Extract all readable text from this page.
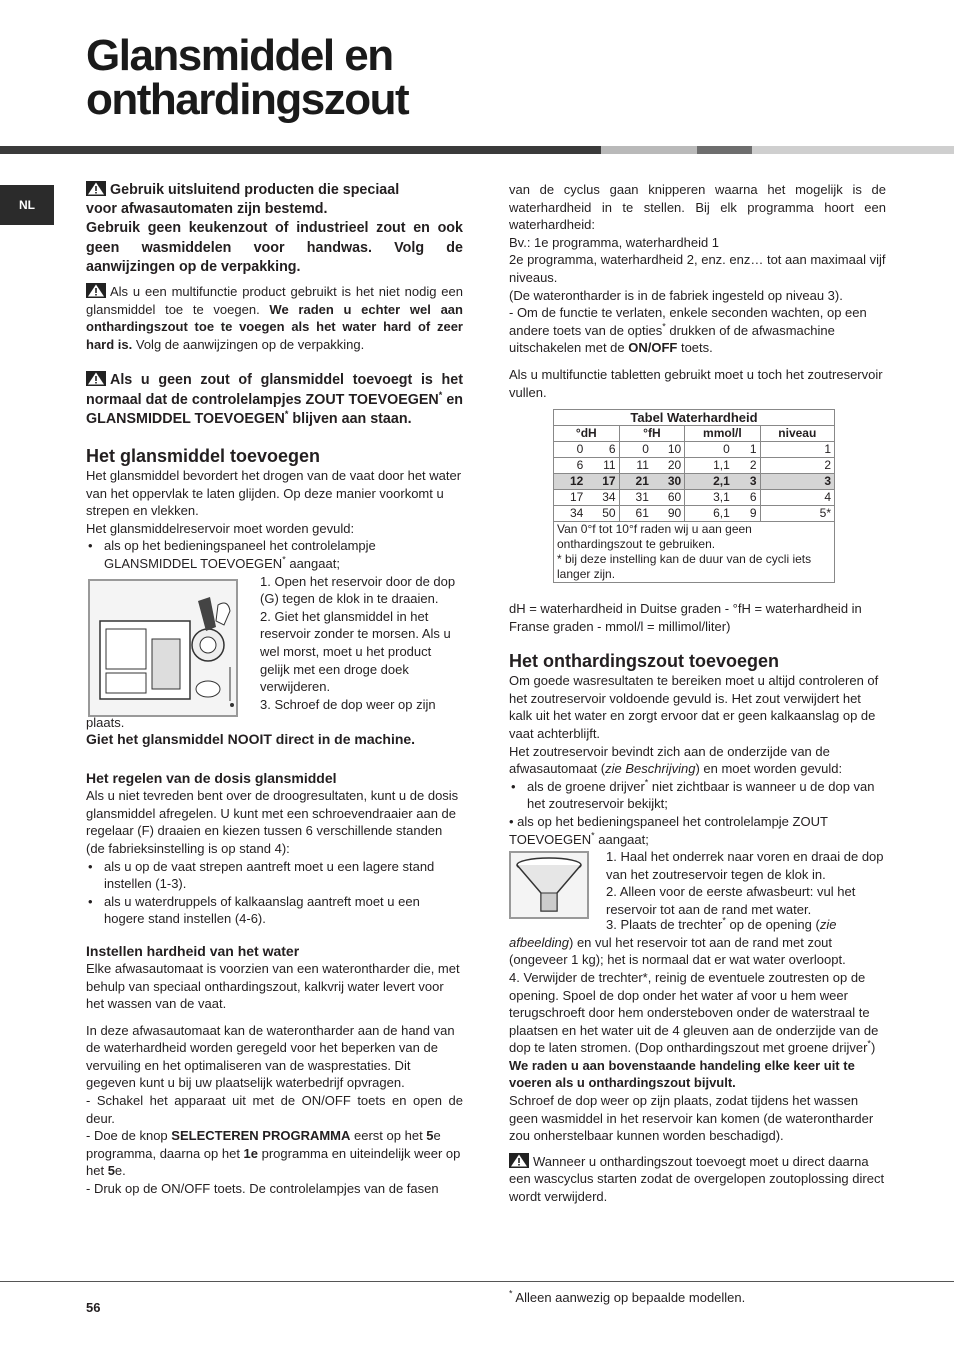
Glansmiddel en
onthardingszout
NL

Gebruik uitsluitend producten die speciaal
voor afwasautomaten zijn bestemd.
Gebruik geen keukenzout of industrieel zout en ook geen wasmiddelen voor handwas. Volg de aanwijzingen op de verpakking.

Als u een multifunctie product gebruikt is het niet nodig een glansmiddel toe te voegen. We raden u echter wel aan onthardingszout toe te voegen als het water hard of zeer hard is. Volg de aanwijzingen op de verpakking.

Als u geen zout of glansmiddel toevoegt is het normaal dat de controlelampjes ZOUT TOEVOEGEN* en GLANSMIDDEL TOEVOEGEN* blijven aan staan.

Het glansmiddel toevoegen

Het glansmiddel bevordert het drogen van de vaat door het water van het oppervlak te laten glijden. Op deze manier voorkomt u strepen en vlekken.

Het glansmiddelreservoir moet worden gevuld:

• als op het bedieningspaneel het controlelampje GLANSMIDDEL TOEVOEGEN* aangaat;

1. Open het reservoir door de dop (G) tegen de klok in te draaien.

2. Giet het glansmiddel in het reservoir zonder te morsen. Als u wel morst, moet u het product gelijk met een droge doek verwijderen.

3. Schroef de dop weer op zijn

plaats.

Giet het glansmiddel NOOIT direct in de machine.

Het regelen van de dosis glansmiddel

Als u niet tevreden bent over de droogresultaten, kunt u de dosis glansmiddel afregelen. U kunt met een schroevendraaier aan de regelaar (F) draaien en kiezen tussen 6 verschillende standen (de fabrieksinstelling is op stand 4):

• als u op de vaat strepen aantreft moet u een lagere stand instellen (1-3).
• als u waterdruppels of kalkaanslag aantreft moet u een hogere stand instellen (4-6).

Instellen hardheid van het water

Elke afwasautomaat is voorzien van een waterontharder die, met behulp van speciaal onthardingszout, kalkvrij water levert voor het wassen van de vaat.

In deze afwasautomaat kan de waterontharder aan de hand van de waterhardheid worden geregeld voor het beperken van de vervuiling en het optimaliseren van de wasprestaties. Dit gegeven kunt u bij uw plaatselijk waterbedrijf opvragen.

- Schakel het apparaat uit met de ON/OFF toets en open de deur.

- Doe de knop SELECTEREN PROGRAMMA eerst op het 5e programma, daarna op het 1e programma en uiteindelijk weer op het 5e.

- Druk op de ON/OFF toets. De controlelampjes van de fasen

van de cyclus gaan knipperen waarna het mogelijk is de waterhardheid in te stellen. Bij elk programma hoort een waterhardheid:

Bv.: 1e programma, waterhardheid 1

2e programma, waterhardheid 2, enz. enz… tot aan maximaal vijf niveaus.

(De waterontharder is in de fabriek ingesteld op niveau 3).

- Om de functie te verlaten, enkele seconden wachten, op een andere toets van de opties* drukken of de afwasmachine uitschakelen met de ON/OFF toets.

Als u multifunctie tabletten gebruikt moet u toch het zoutreservoir vullen.

Tabel Waterhardheid						
°dH		°fH		mmol/l		niveau
0	6	0	10	0	1	1
6	11	11	20	1,1	2	2
12	17	21	30	2,1	3	3
17	34	31	60	3,1	6	4
34	50	61	90	6,1	9	5*
Van 0°f tot 10°f raden wij u aan geen onthardingszout te gebruiken.
* bij deze instelling kan de duur van de cycli iets langer zijn.						

dH = waterhardheid in Duitse graden - °fH = waterhardheid in Franse graden - mmol/l = millimol/liter)

Het onthardingszout toevoegen

Om goede wasresultaten te bereiken moet u altijd controleren of het zoutreservoir voldoende gevuld is. Het zout verwijdert het kalk uit het water en zorgt ervoor dat er geen kalkaanslag op de vaat achterblijft.

Het zoutreservoir bevindt zich aan de onderzijde van de afwasautomaat (zie Beschrijving) en moet worden gevuld:

• als de groene drijver* niet zichtbaar is wanneer u de dop van het zoutreservoir bekijkt;

• als op het bedieningspaneel het controlelampje ZOUT TOEVOEGEN* aangaat;

1. Haal het onderrek naar voren en draai de dop van het zoutreservoir tegen de klok in.

2. Alleen voor de eerste afwasbeurt: vul het reservoir tot aan de rand met water.

3. Plaats de trechter* op de opening (zie

afbeelding) en vul het reservoir tot aan de rand met zout (ongeveer 1 kg); het is normaal dat er wat water overloopt.

4. Verwijder de trechter*, reinig de eventuele zoutresten op de opening. Spoel de dop onder het water af voor u hem weer terugschroeft door hem ondersteboven onder de waterstraal te plaatsen en het water uit de 4 gleuven aan de onderzijde van de dop te laten stromen. (Dop onthardingszout met groene drijver*)

We raden u aan bovenstaande handeling elke keer uit te voeren als u onthardingszout bijvult.

Schroef de dop weer op zijn plaats, zodat tijdens het wassen geen wasmiddel in het reservoir kan komen (de waterontharder zou onherstelbaar kunnen worden beschadigd).

Wanneer u onthardingszout toevoegt moet u direct daarna een wascyclus starten zodat de overgelopen zoutoplossing direct wordt verwijderd.

56
* Alleen aanwezig op bepaalde modellen.
